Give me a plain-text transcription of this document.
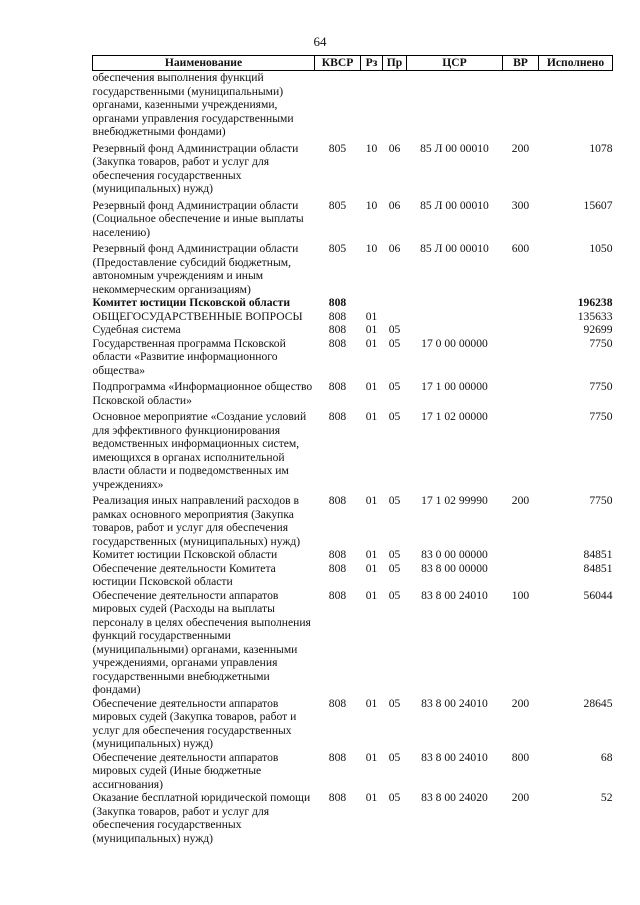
64
Наименование	КВСР	Рз	Пр	ЦСР	ВР	Исполнено
обеспечения выполнения функций государственными (муниципальными) органами, казенными учреждениями, органами управления государственными внебюджетными фондами)						
Резервный фонд Администрации области (Закупка товаров, работ и услуг для обеспечения государственных (муниципальных) нужд)	805	10	06	85 Л 00 00010	200	1078
Резервный фонд Администрации области (Социальное обеспечение и иные выплаты населению)	805	10	06	85 Л 00 00010	300	15607
Резервный фонд Администрации области (Предоставление субсидий бюджетным, автономным учреждениям и иным некоммерческим организациям)	805	10	06	85 Л 00 00010	600	1050
Комитет юстиции Псковской области	808					196238
ОБЩЕГОСУДАРСТВЕННЫЕ ВОПРОСЫ	808	01				135633
Судебная система	808	01	05			92699
Государственная программа Псковской области «Развитие информационного общества»	808	01	05	17 0 00 00000		7750
Подпрограмма «Информационное общество Псковской области»	808	01	05	17 1 00 00000		7750
Основное мероприятие «Создание условий для эффективного функционирования ведомственных информационных систем, имеющихся в органах исполнительной власти области и подведомственных им учреждениях»	808	01	05	17 1 02 00000		7750
Реализация иных направлений расходов в рамках основного мероприятия (Закупка товаров, работ и услуг для обеспечения государственных (муниципальных) нужд)	808	01	05	17 1 02 99990	200	7750
Комитет юстиции Псковской области	808	01	05	83 0 00 00000		84851
Обеспечение деятельности Комитета юстиции Псковской области	808	01	05	83 8 00 00000		84851
Обеспечение деятельности аппаратов мировых судей (Расходы на выплаты персоналу в целях обеспечения выполнения функций государственными (муниципальными) органами, казенными учреждениями, органами управления государственными внебюджетными фондами)	808	01	05	83 8 00 24010	100	56044
Обеспечение деятельности аппаратов мировых судей (Закупка товаров, работ и услуг для обеспечения государственных (муниципальных) нужд)	808	01	05	83 8 00 24010	200	28645
Обеспечение деятельности аппаратов мировых судей (Иные бюджетные ассигнования)	808	01	05	83 8 00 24010	800	68
Оказание бесплатной юридической помощи (Закупка товаров, работ и услуг для обеспечения государственных (муниципальных) нужд)	808	01	05	83 8 00 24020	200	52
